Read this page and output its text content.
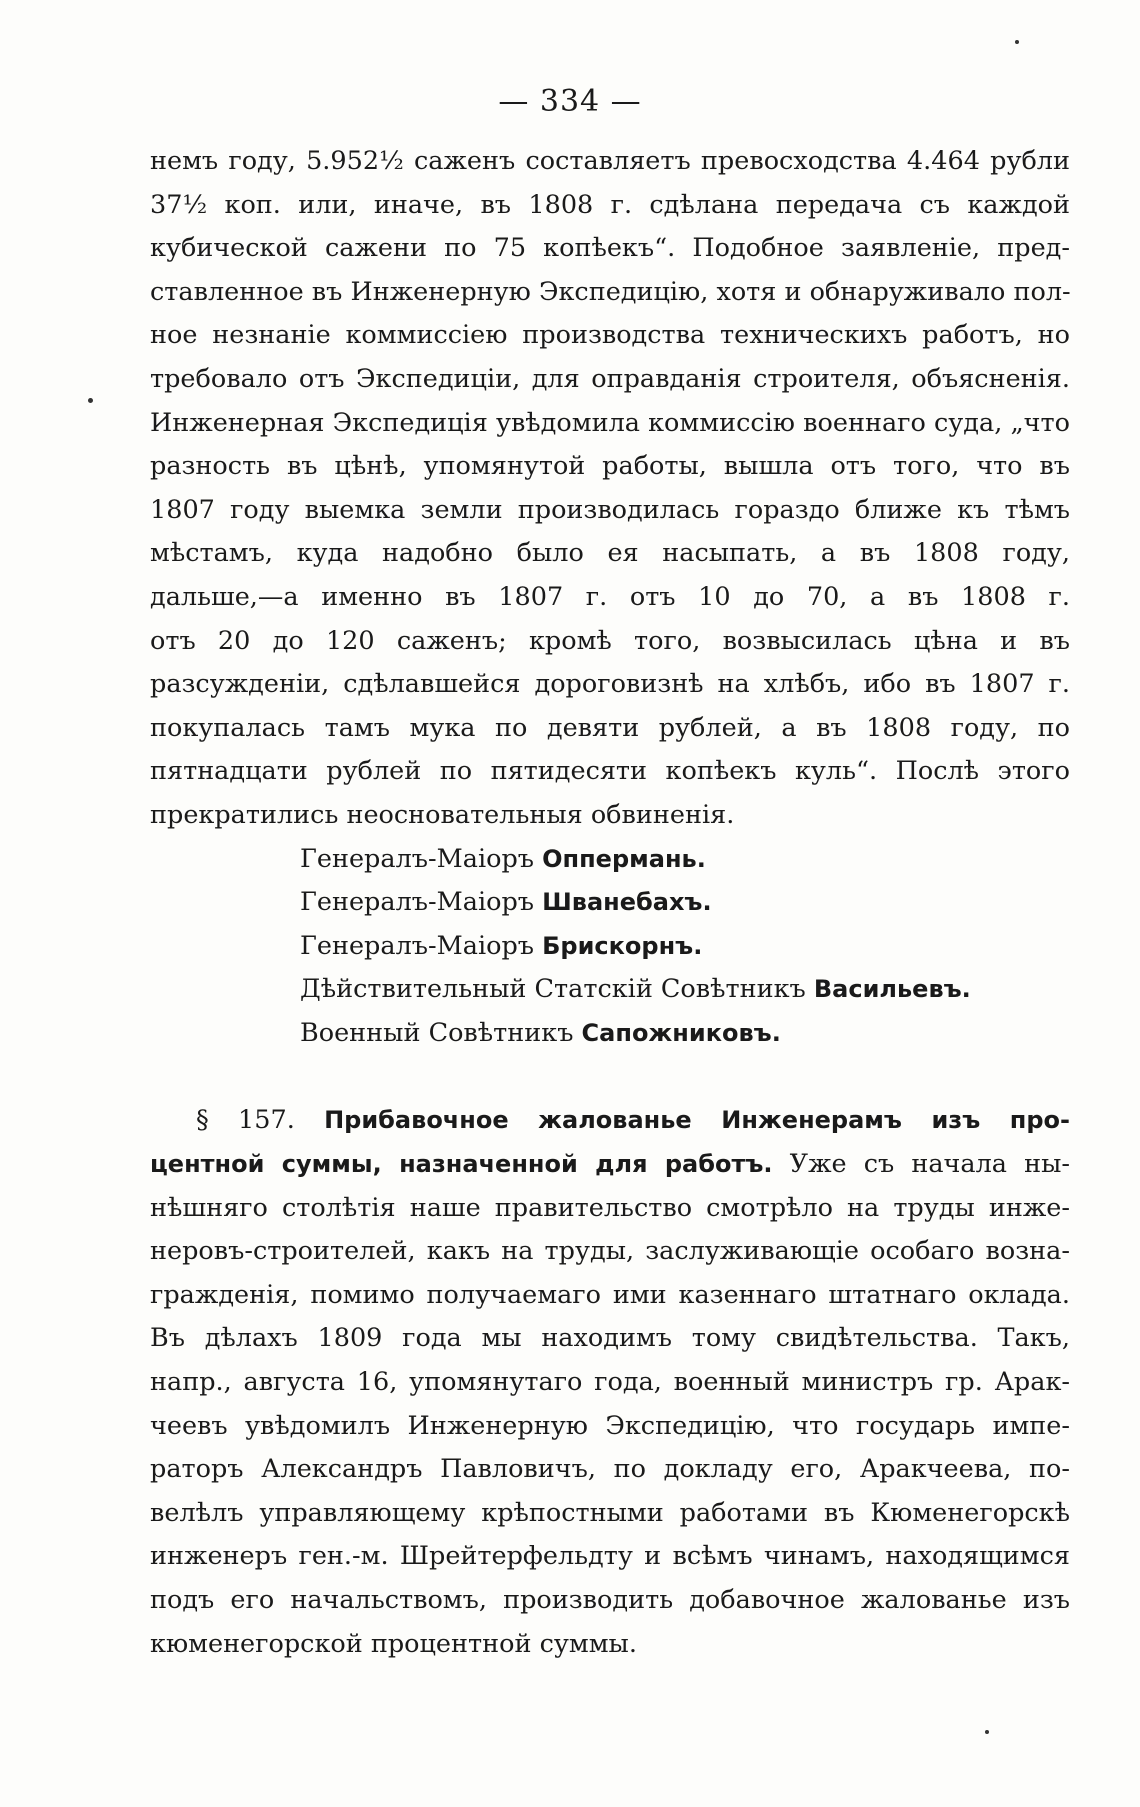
— 334 —
немъ году, 5.952½ саженъ составляетъ превосходства 4.464 рубли
37½ коп. или, иначе, въ 1808 г. сдѣлана передача съ каждой
кубической сажени по 75 копѣекъ“. Подобное заявленіе, пред-
ставленное въ Инженерную Экспедицію, хотя и обнаруживало пол-
ное незнаніе коммиссіею производства техническихъ работъ, но
требовало отъ Экспедиціи, для оправданія строителя, объясненія.
Инженерная Экспедиція увѣдомила коммиссію военнаго суда, „что
разность въ цѣнѣ, упомянутой работы, вышла отъ того, что въ
1807 году выемка земли производилась гораздо ближе къ тѣмъ
мѣстамъ, куда надобно было ея насыпать, а въ 1808 году,
дальше,—а именно въ 1807 г. отъ 10 до 70, а въ 1808 г.
отъ 20 до 120 саженъ; кромѣ того, возвысилась цѣна и въ
разсужденіи, сдѣлавшейся дороговизнѣ на хлѣбъ, ибо въ 1807 г.
покупалась тамъ мука по девяти рублей, а въ 1808 году, по
пятнадцати рублей по пятидесяти копѣекъ куль“. Послѣ этого
прекратились неосновательныя обвиненія.
Генералъ-Маіоръ Оппермань.
Генералъ-Маіоръ Шванебахъ.
Генералъ-Маіоръ Брискорнъ.
Дѣйствительный Статскій Совѣтникъ Васильевъ.
Военный Совѣтникъ Сапожниковъ.
§ 157. Прибавочное жалованье Инженерамъ изъ про-
центной суммы, назначенной для работъ. Уже съ начала ны-
нѣшняго столѣтія наше правительство смотрѣло на труды инже-
неровъ-строителей, какъ на труды, заслуживающіе особаго возна-
гражденія, помимо получаемаго ими казеннаго штатнаго оклада.
Въ дѣлахъ 1809 года мы находимъ тому свидѣтельства. Такъ,
напр., августа 16, упомянутаго года, военный министръ гр. Арак-
чеевъ увѣдомилъ Инженерную Экспедицію, что государь импе-
раторъ Александръ Павловичъ, по докладу его, Аракчеева, по-
велѣлъ управляющему крѣпостными работами въ Кюменегорскѣ
инженеръ ген.-м. Шрейтерфельдту и всѣмъ чинамъ, находящимся
подъ его начальствомъ, производить добавочное жалованье изъ
кюменегорской процентной суммы.
